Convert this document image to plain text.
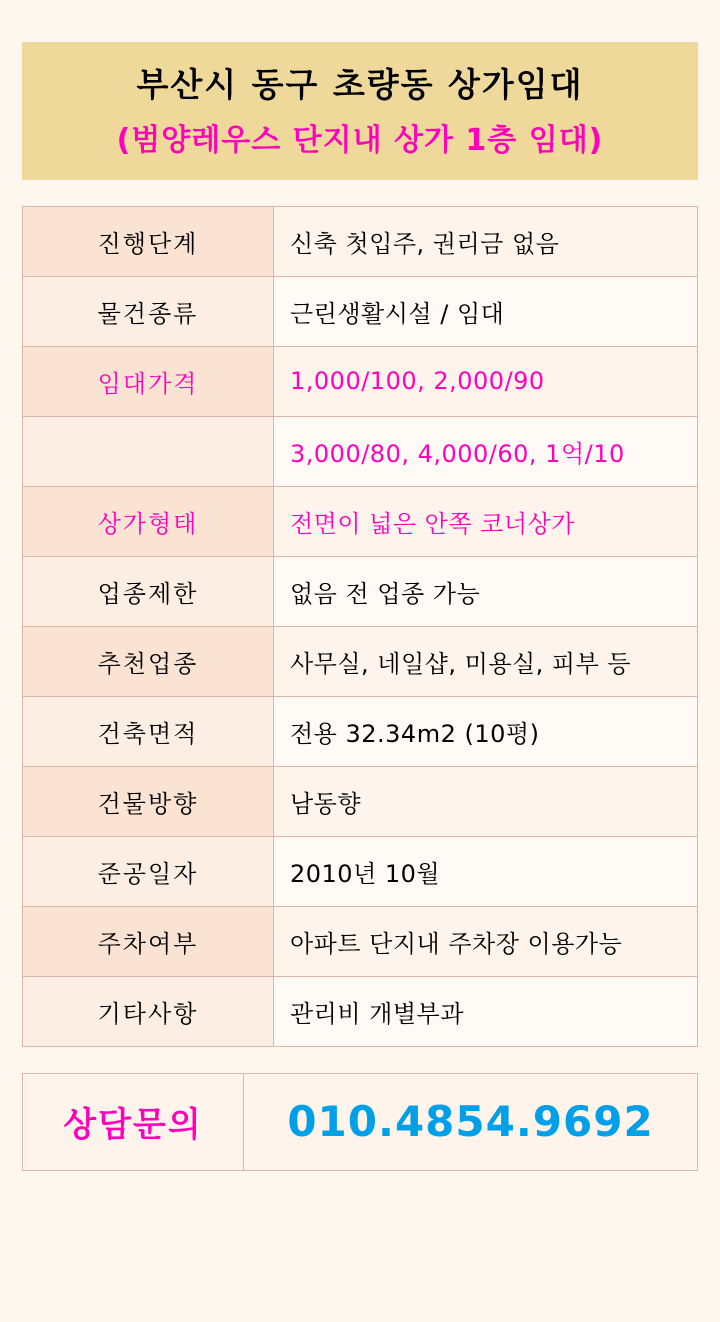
부산시 동구 초량동 상가임대
(범양레우스 단지내 상가 1층 임대)
진행단계	신축 첫입주, 권리금 없음
물건종류	근린생활시설 / 임대
임대가격	1,000/100, 2,000/90
	3,000/80, 4,000/60, 1억/10
상가형태	전면이 넓은 안쪽 코너상가
업종제한	없음 전 업종 가능
추천업종	사무실, 네일샵, 미용실, 피부 등
건축면적	전용 32.34m2 (10평)
건물방향	남동향
준공일자	2010년 10월
주차여부	아파트 단지내 주차장 이용가능
기타사항	관리비 개별부과
상담문의	010.4854.9692
